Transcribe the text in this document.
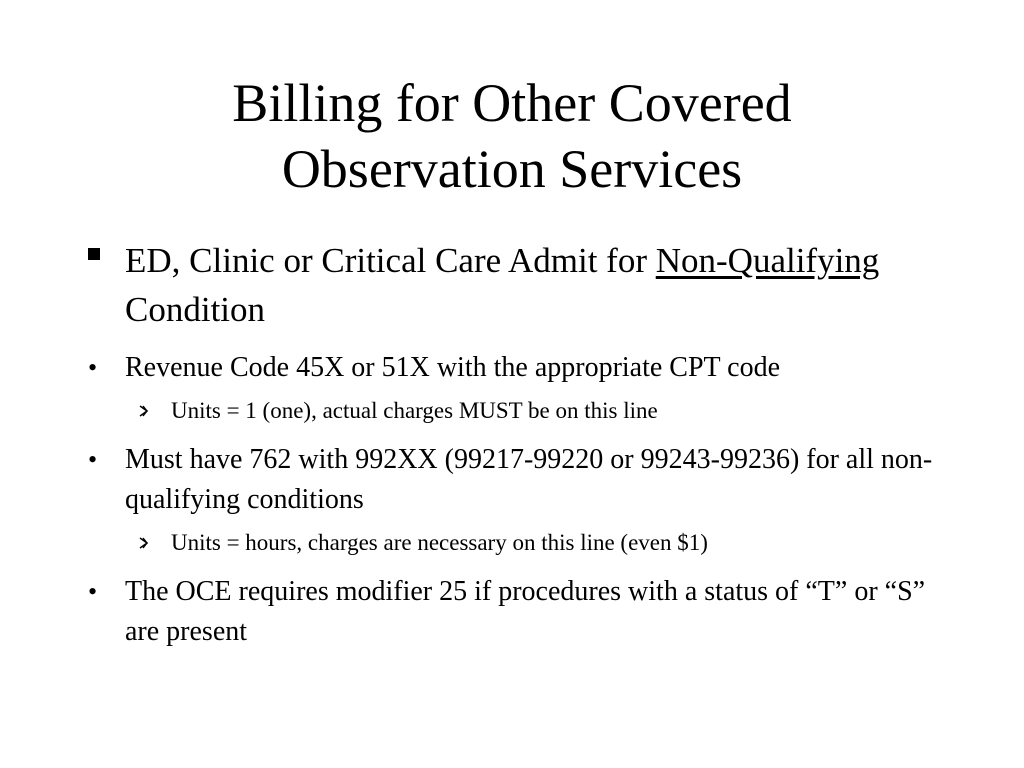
Billing for Other Covered
Observation Services
ED, Clinic or Critical Care Admit for Non-Qualifying Condition
• Revenue Code 45X or 51X with the appropriate CPT code
Units = 1 (one), actual charges MUST be on this line
• Must have 762 with 992XX (99217-99220 or 99243-99236) for all non-qualifying conditions
Units = hours, charges are necessary on this line (even $1)
• The OCE requires modifier 25 if procedures with a status of “T” or “S” are present
